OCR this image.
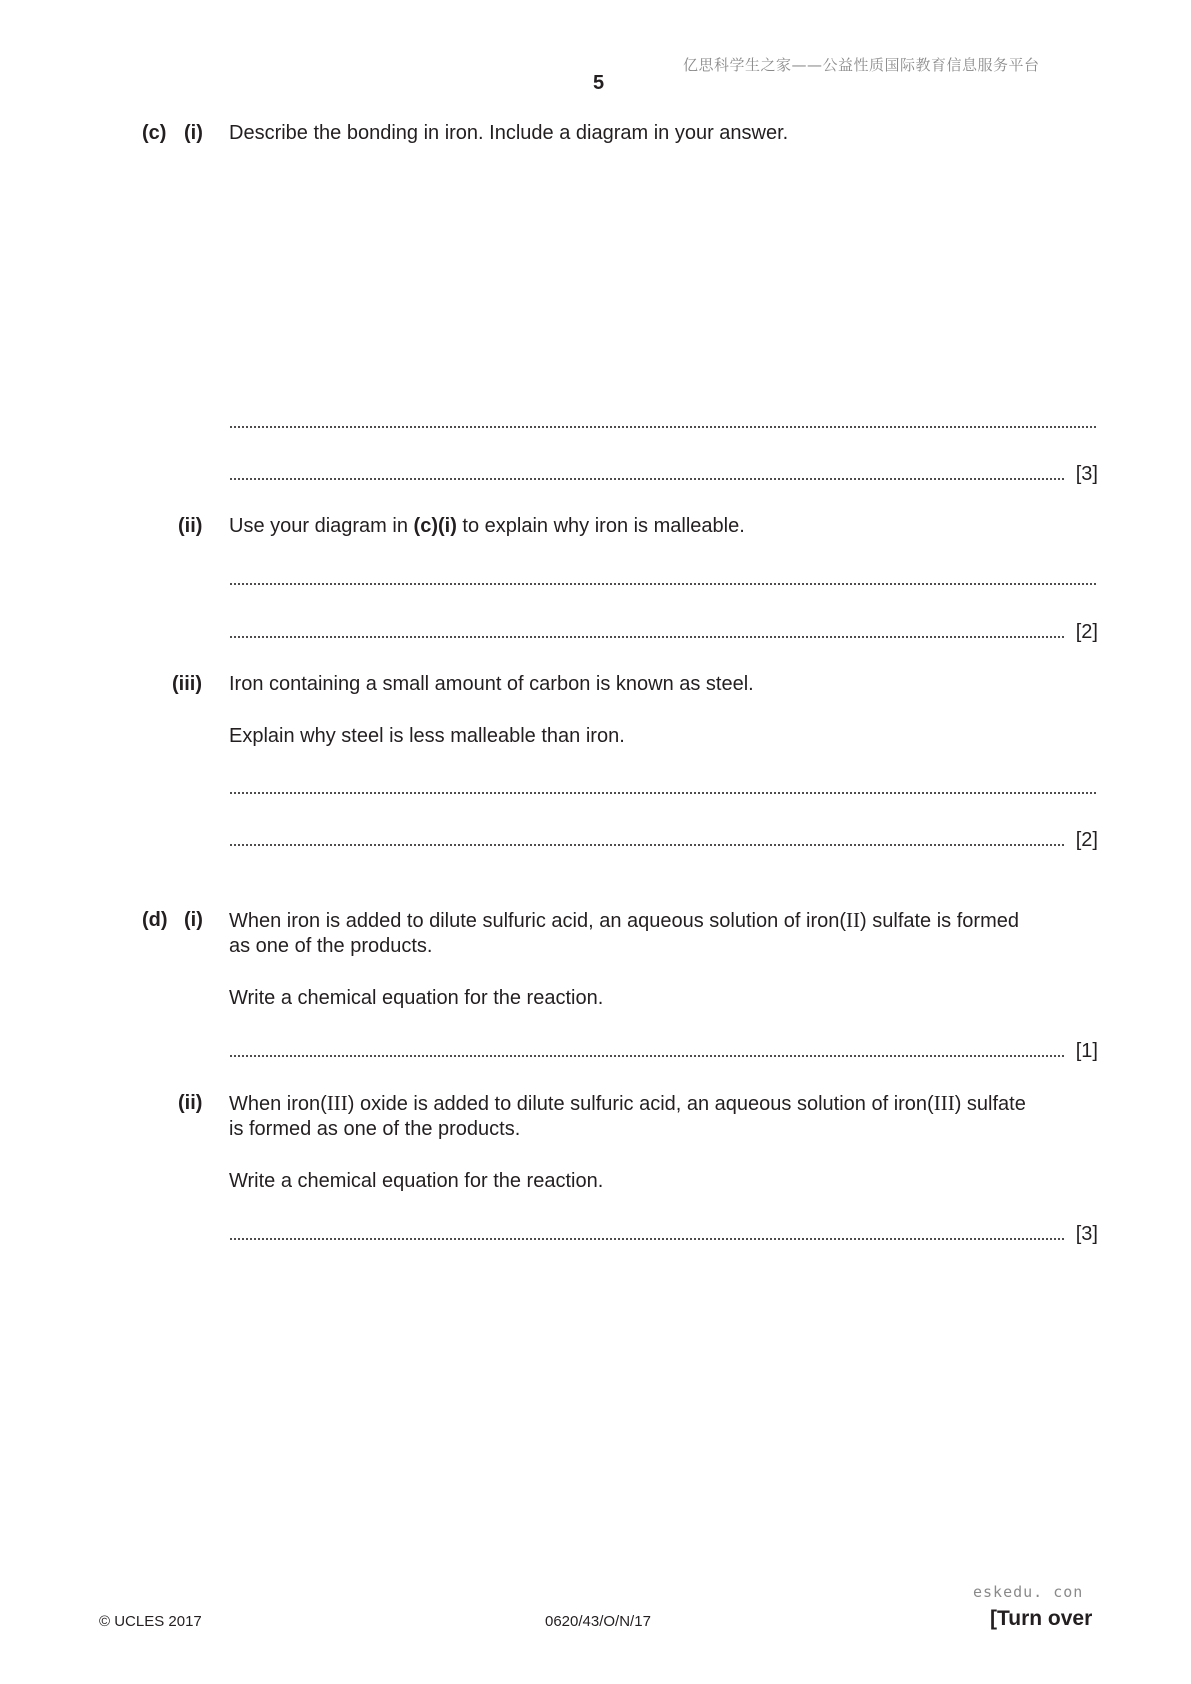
亿思科学生之家——公益性质国际教育信息服务平台
5
(c) (i) Describe the bonding in iron. Include a diagram in your answer.
[3]
(ii) Use your diagram in (c)(i) to explain why iron is malleable.
[2]
(iii) Iron containing a small amount of carbon is known as steel.
Explain why steel is less malleable than iron.
[2]
(d) (i) When iron is added to dilute sulfuric acid, an aqueous solution of iron(II) sulfate is formed
as one of the products.
Write a chemical equation for the reaction.
[1]
(ii) When iron(III) oxide is added to dilute sulfuric acid, an aqueous solution of iron(III) sulfate
is formed as one of the products.
Write a chemical equation for the reaction.
[3]
eskedu. con
© UCLES 2017	0620/43/O/N/17	[Turn over
